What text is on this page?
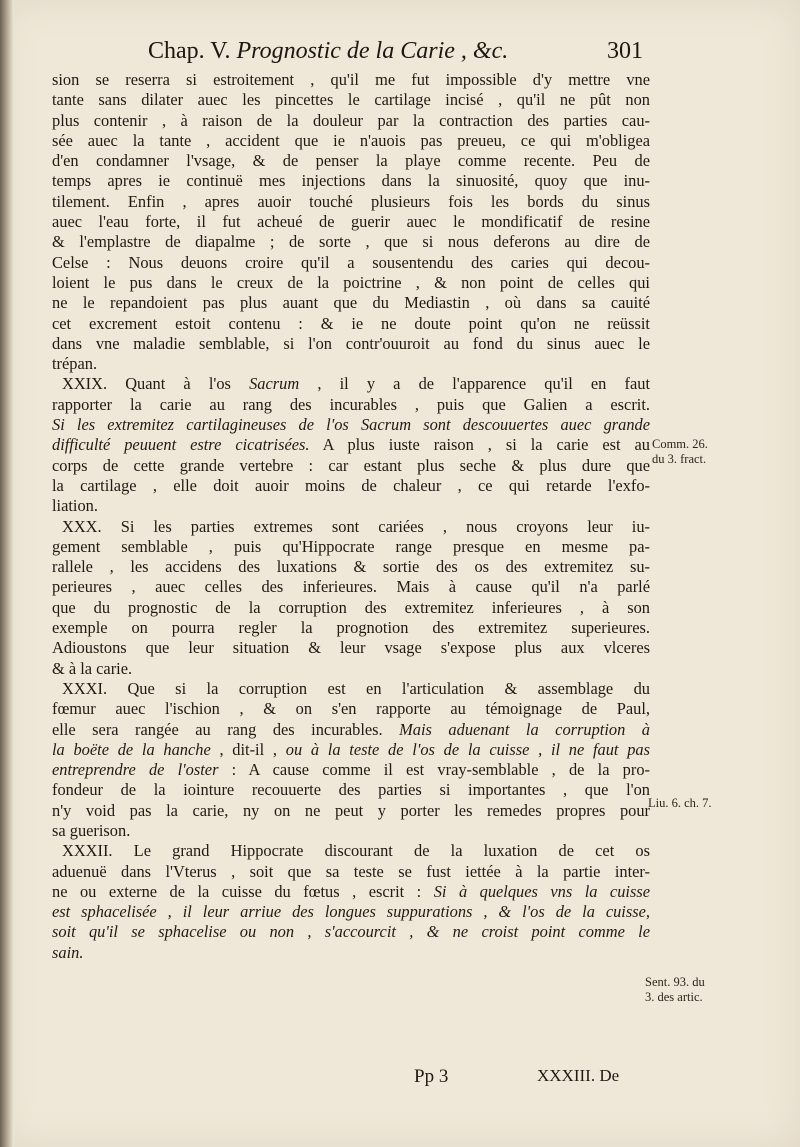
Chap. V. Prognostic de la Carie , &c.	301
sion se reserra si estroitement , qu'il me fut impossible d'y mettre vne
tante sans dilater auec les pincettes le cartilage incisé , qu'il ne pût non
plus contenir , à raison de la douleur par la contraction des parties cau-
sée auec la tante , accident que ie n'auois pas preueu, ce qui m'obligea
d'en condamner l'vsage, & de penser la playe comme recente. Peu de
temps apres ie continuë mes injections dans la sinuosité, quoy que inu-
tilement. Enfin , apres auoir touché plusieurs fois les bords du sinus
auec l'eau forte, il fut acheué de guerir auec le mondificatif de resine
& l'emplastre de diapalme ; de sorte , que si nous deferons au dire de
Celse : Nous deuons croire qu'il a sousentendu des caries qui decou-
loient le pus dans le creux de la poictrine , & non point de celles qui
ne le repandoient pas plus auant que du Mediastin , où dans sa cauité
cet excrement estoit contenu : & ie ne doute point qu'on ne reüssit
dans vne maladie semblable, si l'on contr'ouuroit au fond du sinus auec le
trépan.
XXIX. Quant à l'os Sacrum , il y a de l'apparence qu'il en faut
rapporter la carie au rang des incurables , puis que Galien a escrit.
Si les extremitez cartilagineuses de l'os Sacrum sont descouuertes auec grande
difficulté peuuent estre cicatrisées. A plus iuste raison , si la carie est au
corps de cette grande vertebre : car estant plus seche & plus dure que
la cartilage , elle doit auoir moins de chaleur , ce qui retarde l'exfo-
liation.
XXX. Si les parties extremes sont cariées , nous croyons leur iu-
gement semblable , puis qu'Hippocrate range presque en mesme pa-
rallele , les accidens des luxations & sortie des os des extremitez su-
perieures , auec celles des inferieures. Mais à cause qu'il n'a parlé
que du prognostic de la corruption des extremitez inferieures , à son
exemple on pourra regler la prognotion des extremitez superieures.
Adioustons que leur situation & leur vsage s'expose plus aux vlceres
& à la carie.
XXXI. Que si la corruption est en l'articulation & assemblage du
fœmur auec l'ischion , & on s'en rapporte au témoignage de Paul,
elle sera rangée au rang des incurables. Mais aduenant la corruption à
la boëte de la hanche , dit-il , ou à la teste de l'os de la cuisse , il ne faut pas
entreprendre de l'oster : A cause comme il est vray-semblable , de la pro-
fondeur de la iointure recouuerte des parties si importantes , que l'on
n'y void pas la carie, ny on ne peut y porter les remedes propres pour
sa guerison.
XXXII. Le grand Hippocrate discourant de la luxation de cet os
aduenuë dans l'Vterus , soit que sa teste se fust iettée à la partie inter-
ne ou externe de la cuisse du fœtus , escrit : Si à quelques vns la cuisse
est sphacelisée , il leur arriue des longues suppurations , & l'os de la cuisse,
soit qu'il se sphacelise ou non , s'accourcit , & ne croist point comme le
sain.
Comm. 26.
du 3. fract.
Liu. 6. ch. 7.
Sent. 93. du
3. des artic.
Pp 3	XXXIII. De
